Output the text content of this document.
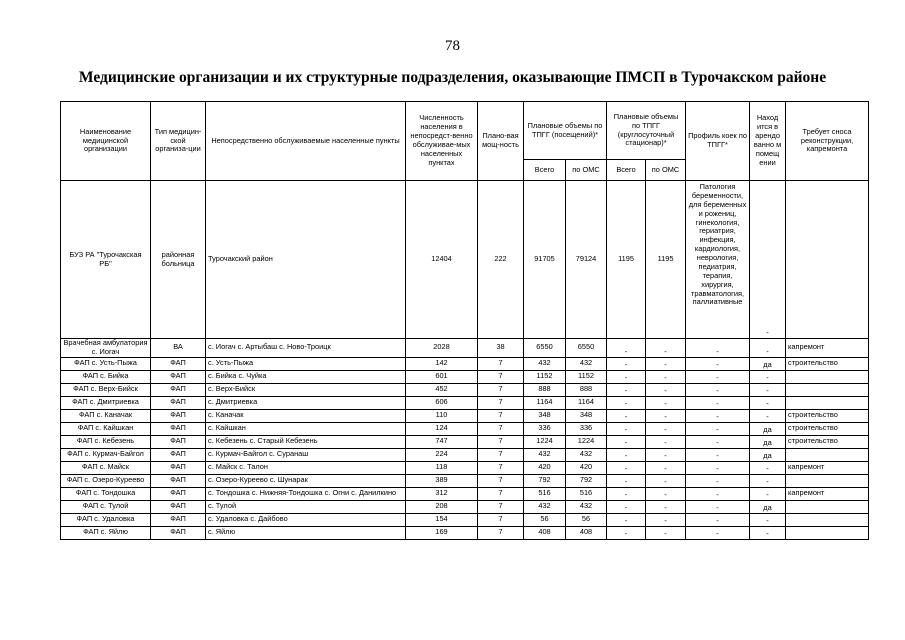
78
Медицинские организации и их структурные подразделения, оказывающие ПМСП в Турочакском районе
Наименование медицинской организации	Тип медицин-ской организа-ции	Непосредственно обслуживаемые населенные пункты	Численность населения в непосредст-венно обслуживае-мых населенных пунктах	Плано-вая мощ-ность	Плановые объемы по ТПГГ (посещений)*		Плановые объемы по ТПГГ (круглосуточный стационар)*		Профиль коек по ТПГГ*	Наход ится в арендо ванно м помещ ении	Требует сноса реконструкции, капремонта
					Всего	по ОМС	Всего	по ОМС			
БУЗ РА "Турочакская РБ"	районная больница	Турочакский район	12404	222	91705	79124	1195	1195	Патология беременности, для беременных и рожениц, гинекология, гериатрия, инфекция, кардиология, неврология, педиатрия, терапия, хирургия, травматология, паллиативные	-	
Врачебная амбулатория с. Иогач	ВА	с. Иогач с. Артыбаш с. Ново-Троицк	2028	38	6550	6550	-	-	-	-	капремонт
ФАП с. Усть-Пыжа	ФАП	с. Усть-Пыжа	142	7	432	432	-	-	-	да	строительство
ФАП с. Бийка	ФАП	с. Бийка с. Чуйка	601	7	1152	1152	-	-	-	-	
ФАП с. Верх-Бийск	ФАП	с. Верх-Бийск	452	7	888	888	-	-	-	-	
ФАП с. Дмитриевка	ФАП	с. Дмитриевка	606	7	1164	1164	-	-	-	-	
ФАП с. Каначак	ФАП	с. Каначак	110	7	348	348	-	-	-	-	строительство
ФАП с. Кайшкан	ФАП	с. Кайшкан	124	7	336	336	-	-	-	да	строительство
ФАП с. Кебезень	ФАП	с. Кебезень с. Старый Кебезень	747	7	1224	1224	-	-	-	да	строительство
ФАП с. Курмач-Байгол	ФАП	с. Курмач-Байгол с. Суранаш	224	7	432	432	-	-	-	да	
ФАП с. Майск	ФАП	с. Майск с. Талон	118	7	420	420	-	-	-	-	капремонт
ФАП с. Озеро-Куреево	ФАП	с. Озеро-Куреево с. Шунарак	389	7	792	792	-	-	-	-	
ФАП с. Тондошка	ФАП	с. Тондошка с. Нижняя-Тондошка с. Огни с. Данилкино	312	7	516	516	-	-	-	-	капремонт
ФАП с. Тулой	ФАП	с. Тулой	208	7	432	432	-	-	-	да	
ФАП с. Удаловка	ФАП	с. Удаловка с. Дайбово	154	7	56	56	-	-	-	-	
ФАП с. Яйлю	ФАП	с. Яйлю	169	7	408	408	-	-	-	-	
